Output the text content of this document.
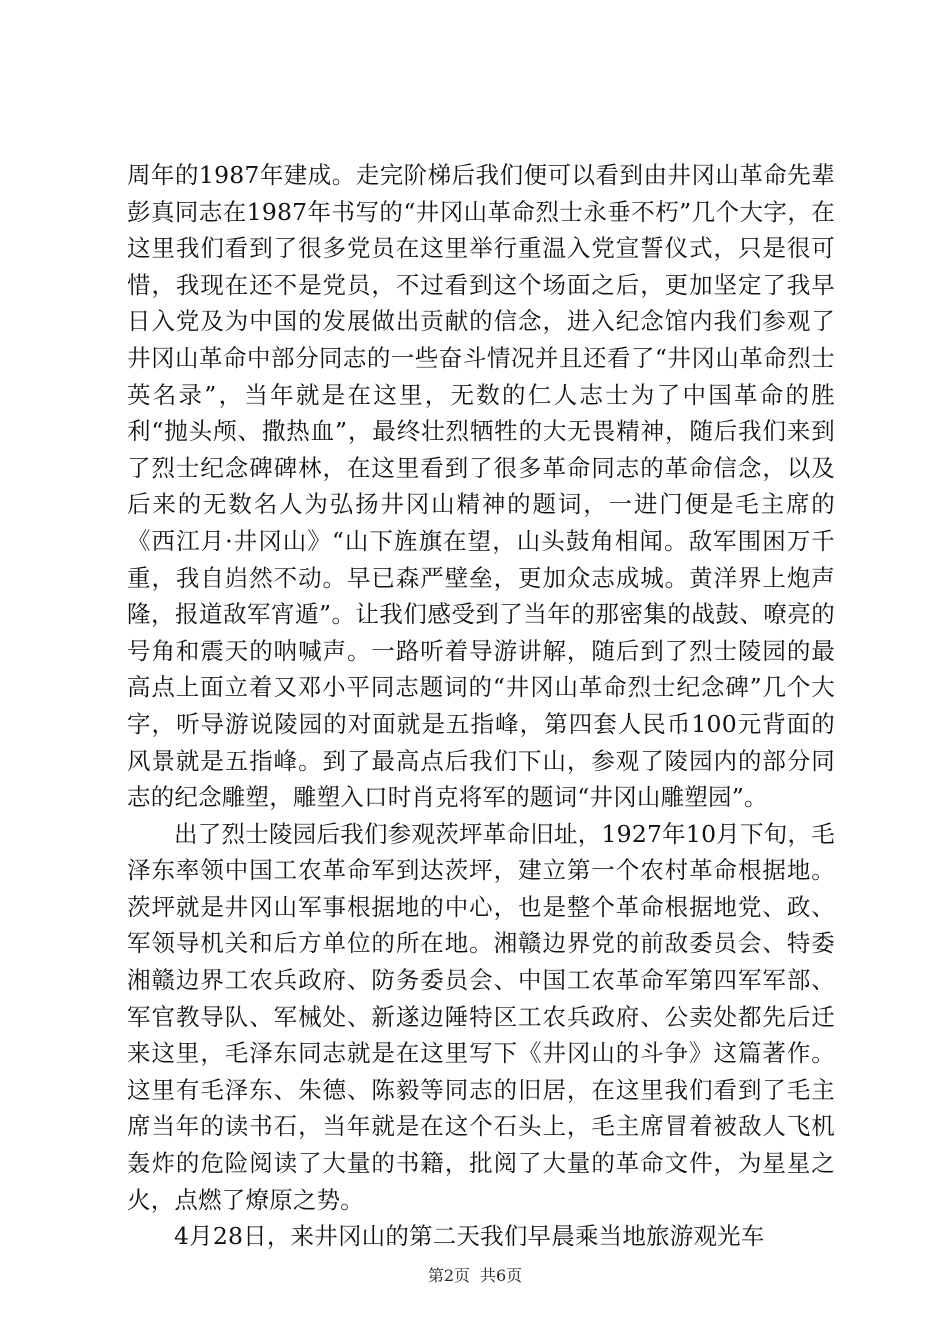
周年的1987年建成。走完阶梯后我们便可以看到由井冈山革命先辈彭真同志在1987年书写的“井冈山革命烈士永垂不朽”几个大字，在这里我们看到了很多党员在这里举行重温入党宣誓仪式，只是很可惜，我现在还不是党员，不过看到这个场面之后，更加坚定了我早日入党及为中国的发展做出贡献的信念，进入纪念馆内我们参观了井冈山革命中部分同志的一些奋斗情况并且还看了“井冈山革命烈士英名录”，当年就是在这里，无数的仁人志士为了中国革命的胜利“抛头颅、撒热血”，最终壮烈牺牲的大无畏精神，随后我们来到了烈士纪念碑碑林，在这里看到了很多革命同志的革命信念，以及后来的无数名人为弘扬井冈山精神的题词，一进门便是毛主席的《西江月·井冈山》“山下旌旗在望，山头鼓角相闻。敌军围困万千重，我自岿然不动。早已森严壁垒，更加众志成城。黄洋界上炮声隆，报道敌军宵遁”。让我们感受到了当年的那密集的战鼓、嘹亮的号角和震天的呐喊声。一路听着导游讲解，随后到了烈士陵园的最高点上面立着又邓小平同志题词的“井冈山革命烈士纪念碑”几个大字，听导游说陵园的对面就是五指峰，第四套人民币100元背面的风景就是五指峰。到了最高点后我们下山，参观了陵园内的部分同志的纪念雕塑，雕塑入口时肖克将军的题词“井冈山雕塑园”。

出了烈士陵园后我们参观茨坪革命旧址，1927年10月下旬，毛泽东率领中国工农革命军到达茨坪，建立第一个农村革命根据地。茨坪就是井冈山军事根据地的中心，也是整个革命根据地党、政、军领导机关和后方单位的所在地。湘赣边界党的前敌委员会、特委湘赣边界工农兵政府、防务委员会、中国工农革命军第四军军部、军官教导队、军械处、新遂边陲特区工农兵政府、公卖处都先后迁来这里，毛泽东同志就是在这里写下《井冈山的斗争》这篇著作。这里有毛泽东、朱德、陈毅等同志的旧居，在这里我们看到了毛主席当年的读书石，当年就是在这个石头上，毛主席冒着被敌人飞机轰炸的危险阅读了大量的书籍，批阅了大量的革命文件，为星星之火，点燃了燎原之势。

4月28日，来井冈山的第二天我们早晨乘当地旅游观光车

第2页 共6页
